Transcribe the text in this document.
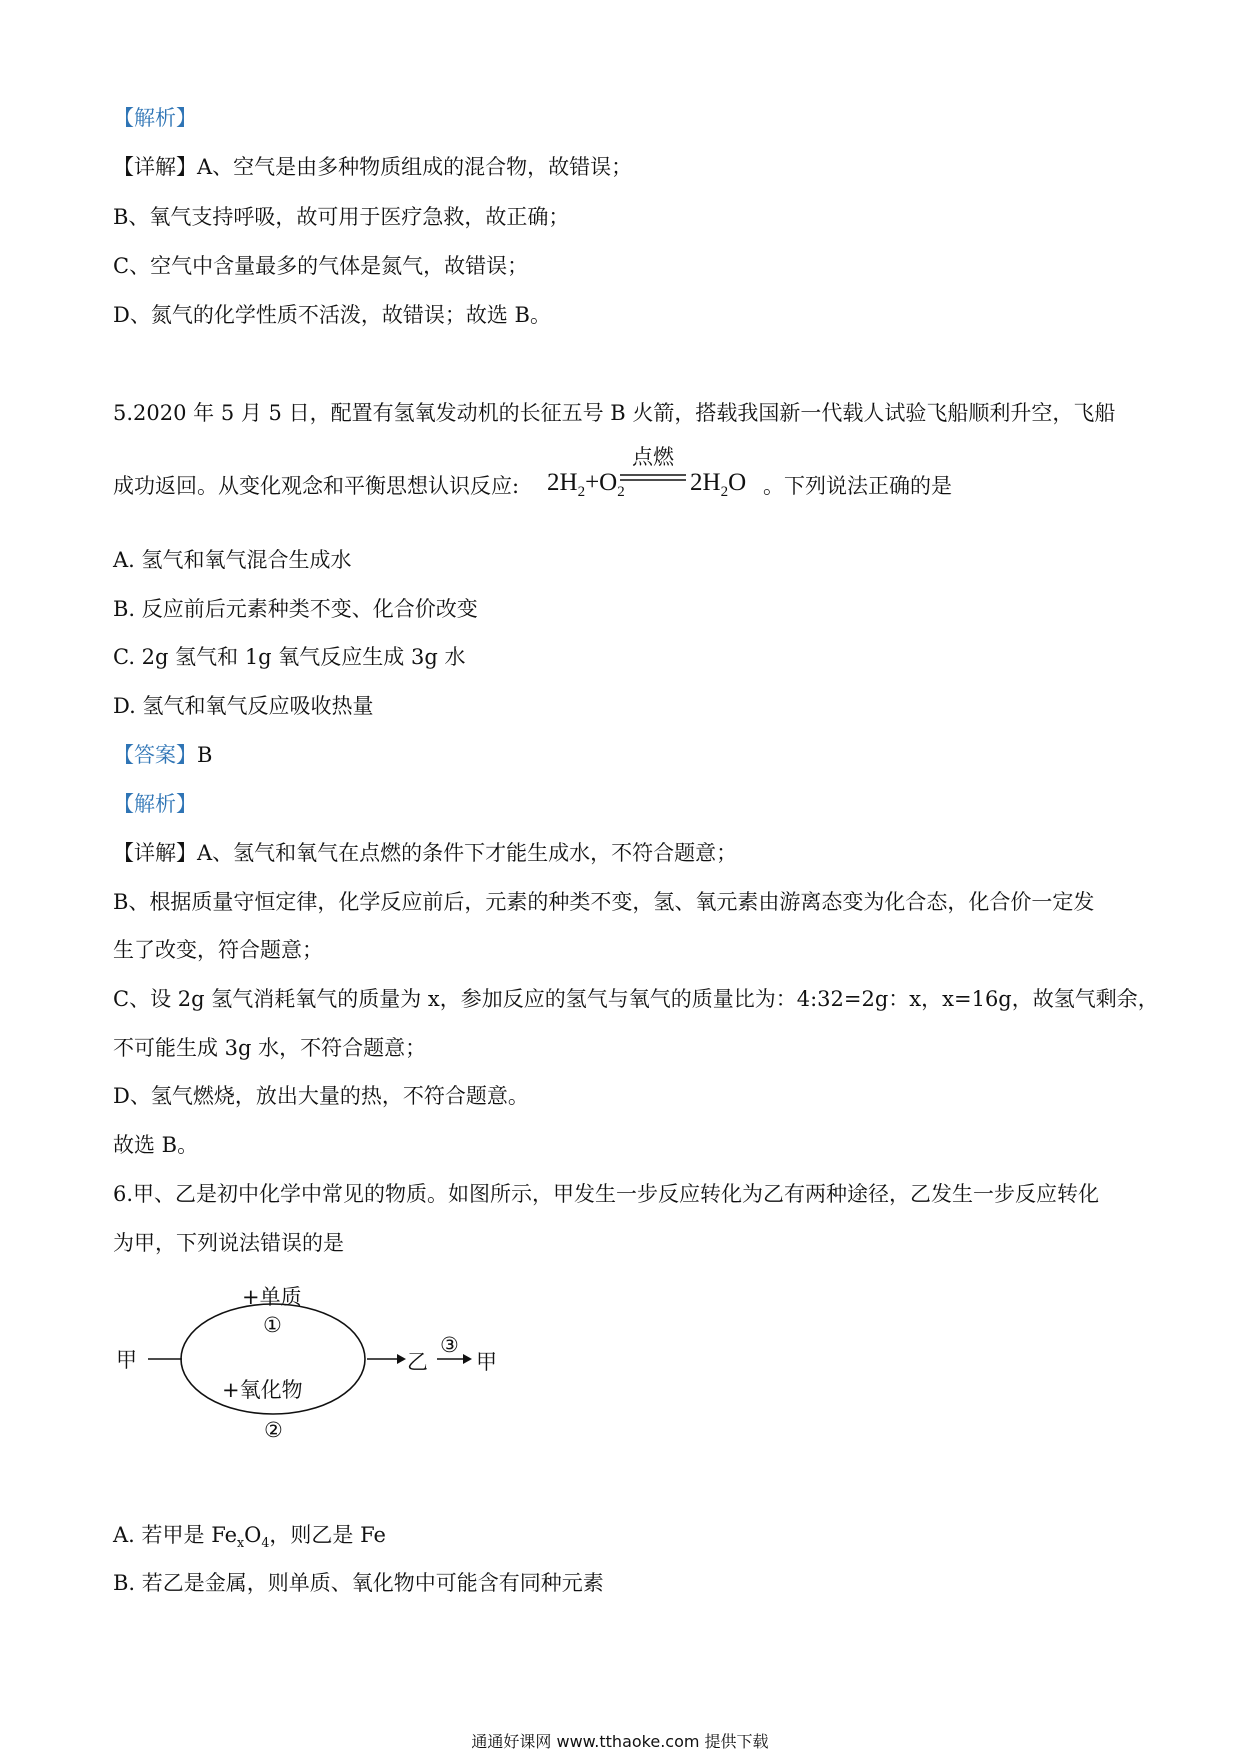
【解析】
【详解】A、空气是由多种物质组成的混合物，故错误；
B、氧气支持呼吸，故可用于医疗急救，故正确；
C、空气中含量最多的气体是氮气，故错误；
D、氮气的化学性质不活泼，故错误；故选 B。
5.2020 年 5 月 5 日，配置有氢氧发动机的长征五号 B 火箭，搭载我国新一代载人试验飞船顺利升空，飞船
成功返回。从变化观念和平衡思想认识反应:
点燃
$2H_2+O_2$	$2H_2O$ 。下列说法正确的是
A. 氢气和氧气混合生成水
B. 反应前后元素种类不变、化合价改变
C. 2g 氢气和 1g 氧气反应生成 3g 水
D. 氢气和氧气反应吸收热量
【答案】B
【解析】
【详解】A、氢气和氧气在点燃的条件下才能生成水，不符合题意；
B、根据质量守恒定律，化学反应前后，元素的种类不变，氢、氧元素由游离态变为化合态，化合价一定发
生了改变，符合题意；
C、设 2g 氢气消耗氧气的质量为 x，参加反应的氢气与氧气的质量比为：4:32=2g：x，x=16g，故氢气剩余，
不可能生成 3g 水，不符合题意；
D、氢气燃烧，放出大量的热，不符合题意。
故选 B。
6.甲、乙是初中化学中常见的物质。如图所示，甲发生一步反应转化为乙有两种途径，乙发生一步反应转化
为甲，下列说法错误的是
甲
+单质
①
+氧化物
②
乙
③
甲
A. 若甲是 $Fe_xO_4$，则乙是 Fe
B. 若乙是金属，则单质、氧化物中可能含有同种元素
通通好课网 www.tthaoke.com 提供下载
